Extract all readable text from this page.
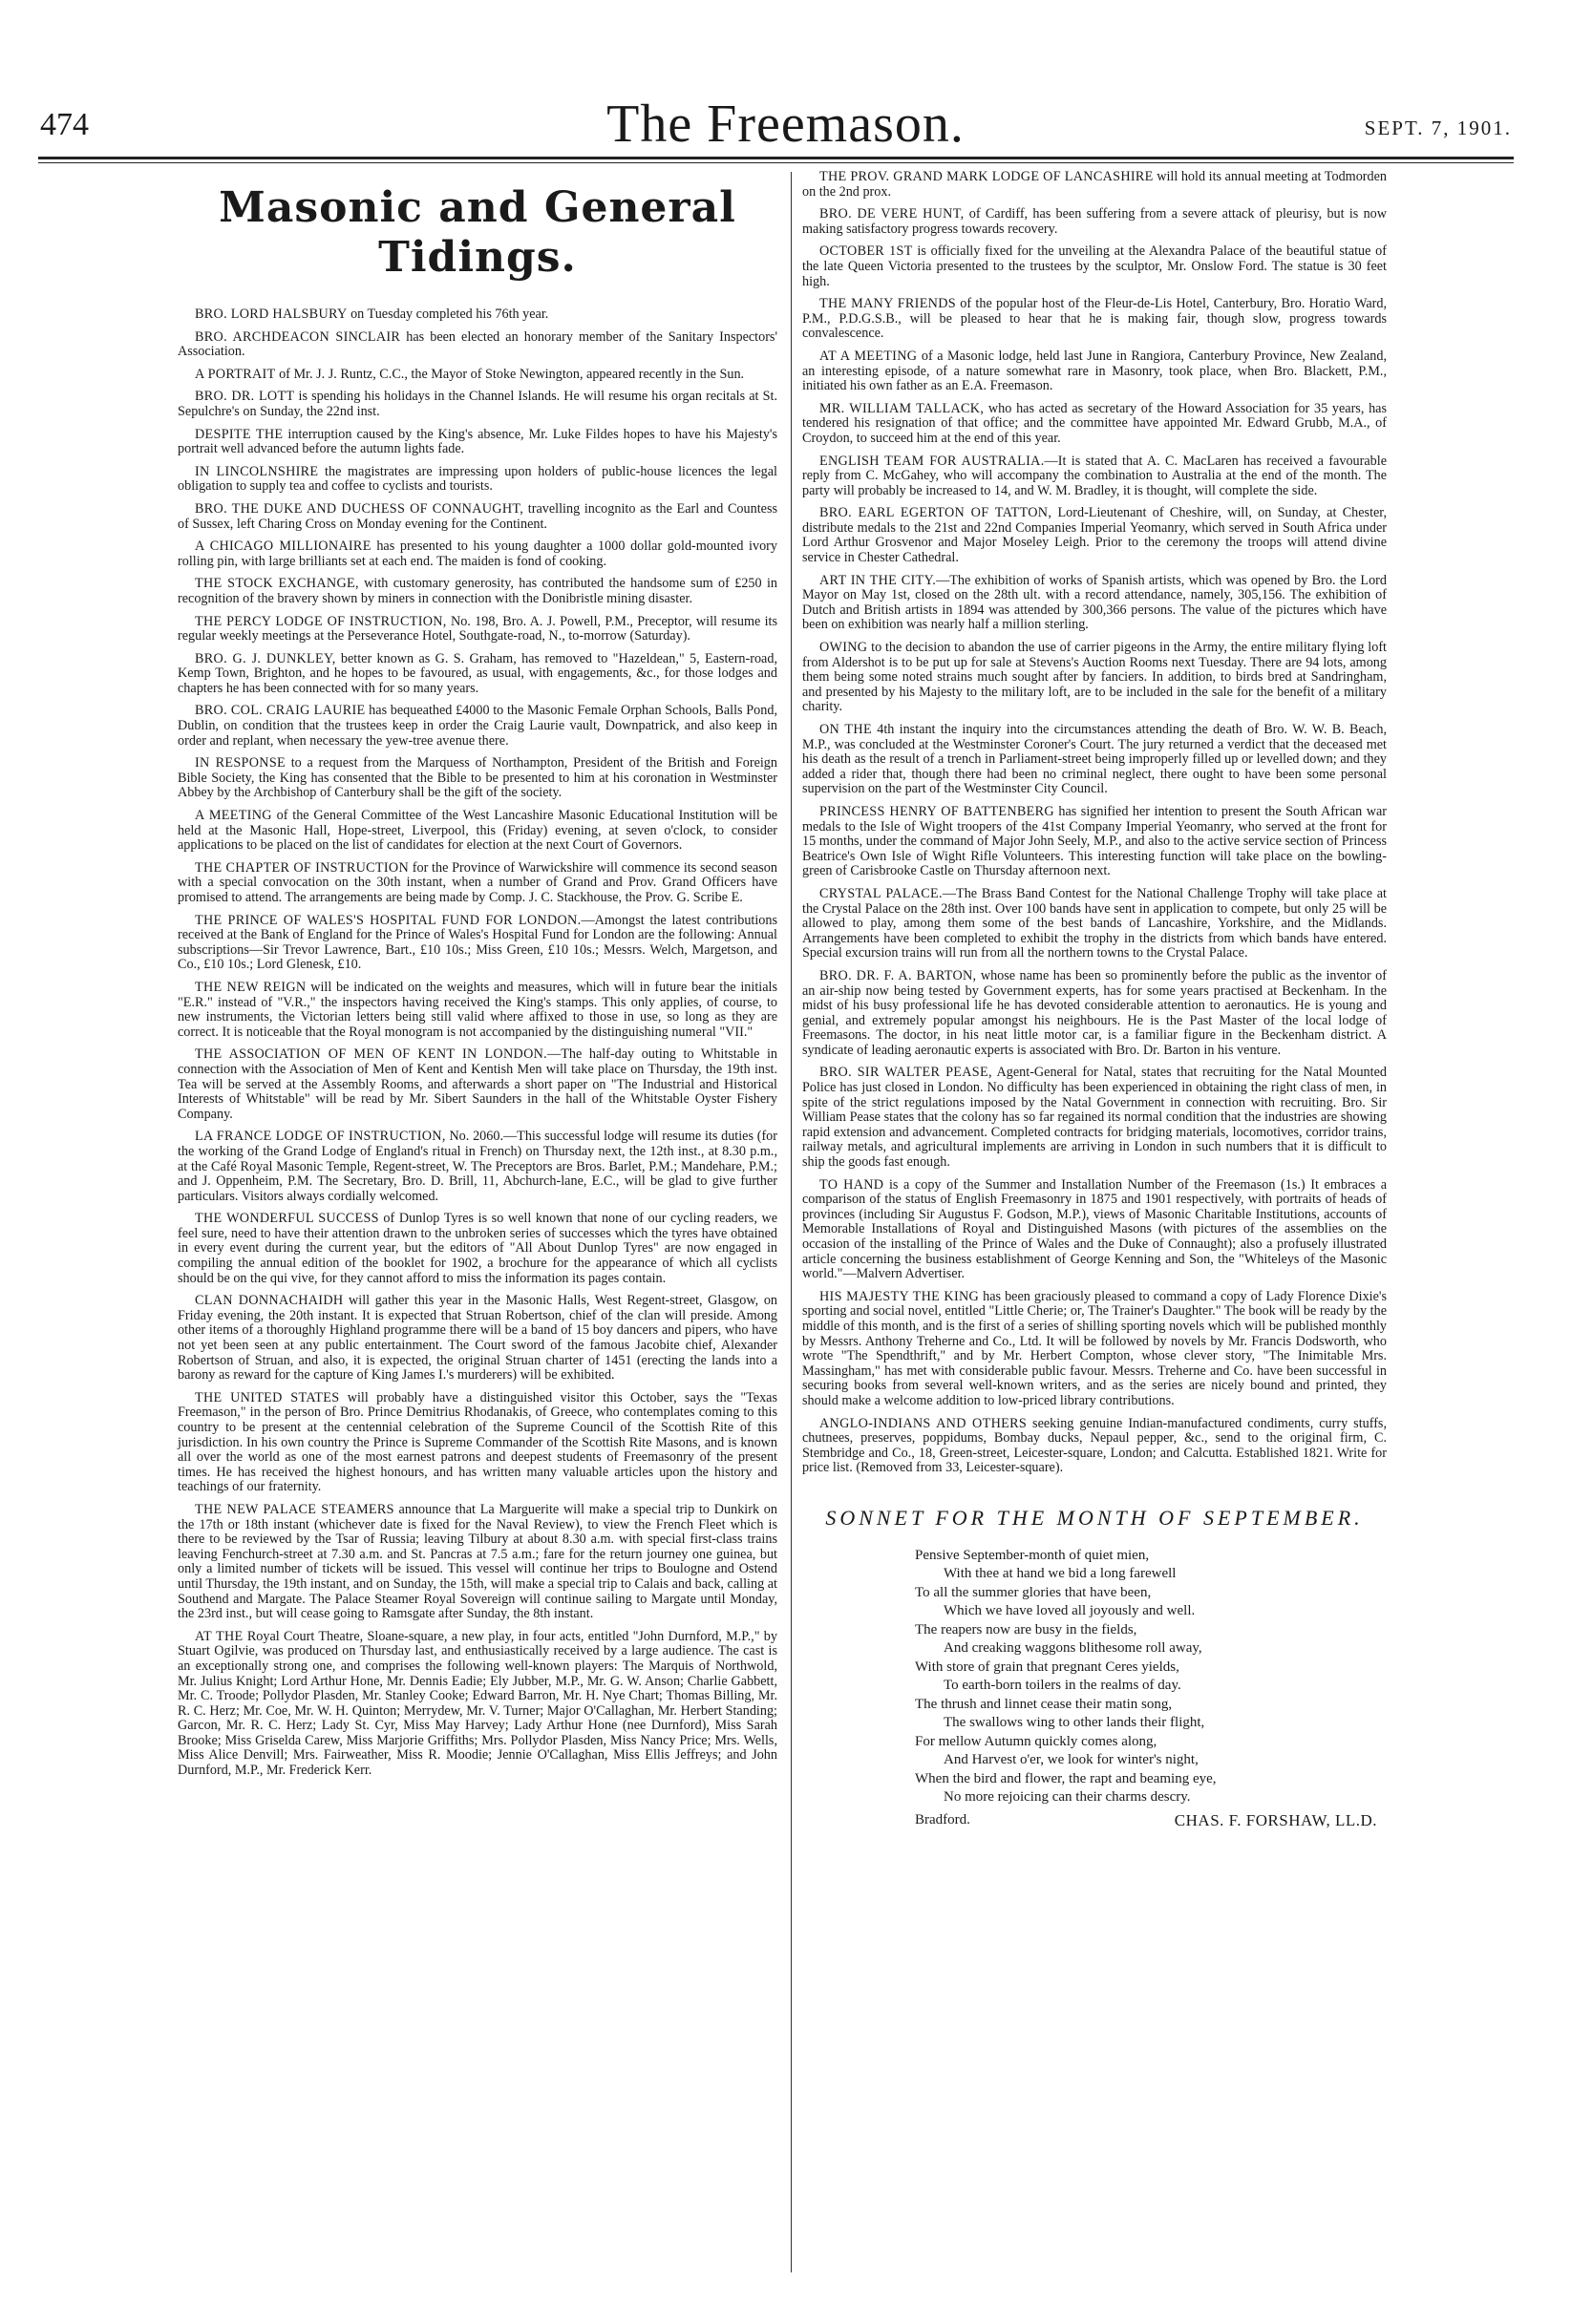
474	The Freemason.	SEPT. 7, 1901.
Masonic and General Tidings.

BRO. LORD HALSBURY on Tuesday completed his 76th year.

BRO. ARCHDEACON SINCLAIR has been elected an honorary member of the Sanitary Inspectors' Association.

A PORTRAIT of Mr. J. J. Runtz, C.C., the Mayor of Stoke Newington, appeared recently in the Sun.

BRO. DR. LOTT is spending his holidays in the Channel Islands. He will resume his organ recitals at St. Sepulchre's on Sunday, the 22nd inst.

DESPITE THE interruption caused by the King's absence, Mr. Luke Fildes hopes to have his Majesty's portrait well advanced before the autumn lights fade.

IN LINCOLNSHIRE the magistrates are impressing upon holders of public-house licences the legal obligation to supply tea and coffee to cyclists and tourists.

BRO. THE DUKE AND DUCHESS OF CONNAUGHT, travelling incognito as the Earl and Countess of Sussex, left Charing Cross on Monday evening for the Continent.

A CHICAGO MILLIONAIRE has presented to his young daughter a 1000 dollar gold-mounted ivory rolling pin, with large brilliants set at each end. The maiden is fond of cooking.

THE STOCK EXCHANGE, with customary generosity, has contributed the handsome sum of £250 in recognition of the bravery shown by miners in connection with the Donibristle mining disaster.

THE PERCY LODGE OF INSTRUCTION, No. 198, Bro. A. J. Powell, P.M., Preceptor, will resume its regular weekly meetings at the Perseverance Hotel, Southgate-road, N., to-morrow (Saturday).

BRO. G. J. DUNKLEY, better known as G. S. Graham, has removed to "Hazeldean," 5, Eastern-road, Kemp Town, Brighton, and he hopes to be favoured, as usual, with engagements, &c., for those lodges and chapters he has been connected with for so many years.

BRO. COL. CRAIG LAURIE has bequeathed £4000 to the Masonic Female Orphan Schools, Balls Pond, Dublin, on condition that the trustees keep in order the Craig Laurie vault, Downpatrick, and also keep in order and replant, when necessary the yew-tree avenue there.

IN RESPONSE to a request from the Marquess of Northampton, President of the British and Foreign Bible Society, the King has consented that the Bible to be presented to him at his coronation in Westminster Abbey by the Archbishop of Canterbury shall be the gift of the society.

A MEETING of the General Committee of the West Lancashire Masonic Educational Institution will be held at the Masonic Hall, Hope-street, Liverpool, this (Friday) evening, at seven o'clock, to consider applications to be placed on the list of candidates for election at the next Court of Governors.

THE CHAPTER OF INSTRUCTION for the Province of Warwickshire will commence its second season with a special convocation on the 30th instant, when a number of Grand and Prov. Grand Officers have promised to attend. The arrangements are being made by Comp. J. C. Stackhouse, the Prov. G. Scribe E.

THE PRINCE OF WALES'S HOSPITAL FUND FOR LONDON.—Amongst the latest contributions received at the Bank of England for the Prince of Wales's Hospital Fund for London are the following: Annual subscriptions—Sir Trevor Lawrence, Bart., £10 10s.; Miss Green, £10 10s.; Messrs. Welch, Margetson, and Co., £10 10s.; Lord Glenesk, £10.

THE NEW REIGN will be indicated on the weights and measures, which will in future bear the initials "E.R." instead of "V.R.," the inspectors having received the King's stamps. This only applies, of course, to new instruments, the Victorian letters being still valid where affixed to those in use, so long as they are correct. It is noticeable that the Royal monogram is not accompanied by the distinguishing numeral "VII."

THE ASSOCIATION OF MEN OF KENT IN LONDON.—The half-day outing to Whitstable in connection with the Association of Men of Kent and Kentish Men will take place on Thursday, the 19th inst. Tea will be served at the Assembly Rooms, and afterwards a short paper on "The Industrial and Historical Interests of Whitstable" will be read by Mr. Sibert Saunders in the hall of the Whitstable Oyster Fishery Company.

LA FRANCE LODGE OF INSTRUCTION, No. 2060.—This successful lodge will resume its duties (for the working of the Grand Lodge of England's ritual in French) on Thursday next, the 12th inst., at 8.30 p.m., at the Café Royal Masonic Temple, Regent-street, W. The Preceptors are Bros. Barlet, P.M.; Mandehare, P.M.; and J. Oppenheim, P.M. The Secretary, Bro. D. Brill, 11, Abchurch-lane, E.C., will be glad to give further particulars. Visitors always cordially welcomed.

THE WONDERFUL SUCCESS of Dunlop Tyres is so well known that none of our cycling readers, we feel sure, need to have their attention drawn to the unbroken series of successes which the tyres have obtained in every event during the current year, but the editors of "All About Dunlop Tyres" are now engaged in compiling the annual edition of the booklet for 1902, a brochure for the appearance of which all cyclists should be on the qui vive, for they cannot afford to miss the information its pages contain.

CLAN DONNACHAIDH will gather this year in the Masonic Halls, West Regent-street, Glasgow, on Friday evening, the 20th instant. It is expected that Struan Robertson, chief of the clan will preside. Among other items of a thoroughly Highland programme there will be a band of 15 boy dancers and pipers, who have not yet been seen at any public entertainment. The Court sword of the famous Jacobite chief, Alexander Robertson of Struan, and also, it is expected, the original Struan charter of 1451 (erecting the lands into a barony as reward for the capture of King James I.'s murderers) will be exhibited.

THE UNITED STATES will probably have a distinguished visitor this October, says the "Texas Freemason," in the person of Bro. Prince Demitrius Rhodanakis, of Greece, who contemplates coming to this country to be present at the centennial celebration of the Supreme Council of the Scottish Rite of this jurisdiction. In his own country the Prince is Supreme Commander of the Scottish Rite Masons, and is known all over the world as one of the most earnest patrons and deepest students of Freemasonry of the present times. He has received the highest honours, and has written many valuable articles upon the history and teachings of our fraternity.

THE NEW PALACE STEAMERS announce that La Marguerite will make a special trip to Dunkirk on the 17th or 18th instant (whichever date is fixed for the Naval Review), to view the French Fleet which is there to be reviewed by the Tsar of Russia; leaving Tilbury at about 8.30 a.m. with special first-class trains leaving Fenchurch-street at 7.30 a.m. and St. Pancras at 7.5 a.m.; fare for the return journey one guinea, but only a limited number of tickets will be issued. This vessel will continue her trips to Boulogne and Ostend until Thursday, the 19th instant, and on Sunday, the 15th, will make a special trip to Calais and back, calling at Southend and Margate. The Palace Steamer Royal Sovereign will continue sailing to Margate until Monday, the 23rd inst., but will cease going to Ramsgate after Sunday, the 8th instant.

AT THE Royal Court Theatre, Sloane-square, a new play, in four acts, entitled "John Durnford, M.P.," by Stuart Ogilvie, was produced on Thursday last, and enthusiastically received by a large audience. The cast is an exceptionally strong one, and comprises the following well-known players: The Marquis of Northwold, Mr. Julius Knight; Lord Arthur Hone, Mr. Dennis Eadie; Ely Jubber, M.P., Mr. G. W. Anson; Charlie Gabbett, Mr. C. Troode; Pollydor Plasden, Mr. Stanley Cooke; Edward Barron, Mr. H. Nye Chart; Thomas Billing, Mr. R. C. Herz; Mr. Coe, Mr. W. H. Quinton; Merrydew, Mr. V. Turner; Major O'Callaghan, Mr. Herbert Standing; Garcon, Mr. R. C. Herz; Lady St. Cyr, Miss May Harvey; Lady Arthur Hone (nee Durnford), Miss Sarah Brooke; Miss Griselda Carew, Miss Marjorie Griffiths; Mrs. Pollydor Plasden, Miss Nancy Price; Mrs. Wells, Miss Alice Denvill; Mrs. Fairweather, Miss R. Moodie; Jennie O'Callaghan, Miss Ellis Jeffreys; and John Durnford, M.P., Mr. Frederick Kerr.

THE PROV. GRAND MARK LODGE OF LANCASHIRE will hold its annual meeting at Todmorden on the 2nd prox.

BRO. DE VERE HUNT, of Cardiff, has been suffering from a severe attack of pleurisy, but is now making satisfactory progress towards recovery.

OCTOBER 1ST is officially fixed for the unveiling at the Alexandra Palace of the beautiful statue of the late Queen Victoria presented to the trustees by the sculptor, Mr. Onslow Ford. The statue is 30 feet high.

THE MANY FRIENDS of the popular host of the Fleur-de-Lis Hotel, Canterbury, Bro. Horatio Ward, P.M., P.D.G.S.B., will be pleased to hear that he is making fair, though slow, progress towards convalescence.

AT A MEETING of a Masonic lodge, held last June in Rangiora, Canterbury Province, New Zealand, an interesting episode, of a nature somewhat rare in Masonry, took place, when Bro. Blackett, P.M., initiated his own father as an E.A. Freemason.

MR. WILLIAM TALLACK, who has acted as secretary of the Howard Association for 35 years, has tendered his resignation of that office; and the committee have appointed Mr. Edward Grubb, M.A., of Croydon, to succeed him at the end of this year.

ENGLISH TEAM FOR AUSTRALIA.—It is stated that A. C. MacLaren has received a favourable reply from C. McGahey, who will accompany the combination to Australia at the end of the month. The party will probably be increased to 14, and W. M. Bradley, it is thought, will complete the side.

BRO. EARL EGERTON OF TATTON, Lord-Lieutenant of Cheshire, will, on Sunday, at Chester, distribute medals to the 21st and 22nd Companies Imperial Yeomanry, which served in South Africa under Lord Arthur Grosvenor and Major Moseley Leigh. Prior to the ceremony the troops will attend divine service in Chester Cathedral.

ART IN THE CITY.—The exhibition of works of Spanish artists, which was opened by Bro. the Lord Mayor on May 1st, closed on the 28th ult. with a record attendance, namely, 305,156. The exhibition of Dutch and British artists in 1894 was attended by 300,366 persons. The value of the pictures which have been on exhibition was nearly half a million sterling.

OWING to the decision to abandon the use of carrier pigeons in the Army, the entire military flying loft from Aldershot is to be put up for sale at Stevens's Auction Rooms next Tuesday. There are 94 lots, among them being some noted strains much sought after by fanciers. In addition, to birds bred at Sandringham, and presented by his Majesty to the military loft, are to be included in the sale for the benefit of a military charity.

ON THE 4th instant the inquiry into the circumstances attending the death of Bro. W. W. B. Beach, M.P., was concluded at the Westminster Coroner's Court. The jury returned a verdict that the deceased met his death as the result of a trench in Parliament-street being improperly filled up or levelled down; and they added a rider that, though there had been no criminal neglect, there ought to have been some personal supervision on the part of the Westminster City Council.

PRINCESS HENRY OF BATTENBERG has signified her intention to present the South African war medals to the Isle of Wight troopers of the 41st Company Imperial Yeomanry, who served at the front for 15 months, under the command of Major John Seely, M.P., and also to the active service section of Princess Beatrice's Own Isle of Wight Rifle Volunteers. This interesting function will take place on the bowling-green of Carisbrooke Castle on Thursday afternoon next.

CRYSTAL PALACE.—The Brass Band Contest for the National Challenge Trophy will take place at the Crystal Palace on the 28th inst. Over 100 bands have sent in application to compete, but only 25 will be allowed to play, among them some of the best bands of Lancashire, Yorkshire, and the Midlands. Arrangements have been completed to exhibit the trophy in the districts from which bands have entered. Special excursion trains will run from all the northern towns to the Crystal Palace.

BRO. DR. F. A. BARTON, whose name has been so prominently before the public as the inventor of an air-ship now being tested by Government experts, has for some years practised at Beckenham. In the midst of his busy professional life he has devoted considerable attention to aeronautics. He is young and genial, and extremely popular amongst his neighbours. He is the Past Master of the local lodge of Freemasons. The doctor, in his neat little motor car, is a familiar figure in the Beckenham district. A syndicate of leading aeronautic experts is associated with Bro. Dr. Barton in his venture.

BRO. SIR WALTER PEASE, Agent-General for Natal, states that recruiting for the Natal Mounted Police has just closed in London. No difficulty has been experienced in obtaining the right class of men, in spite of the strict regulations imposed by the Natal Government in connection with recruiting. Bro. Sir William Pease states that the colony has so far regained its normal condition that the industries are showing rapid extension and advancement. Completed contracts for bridging materials, locomotives, corridor trains, railway metals, and agricultural implements are arriving in London in such numbers that it is difficult to ship the goods fast enough.

TO HAND is a copy of the Summer and Installation Number of the Freemason (1s.) It embraces a comparison of the status of English Freemasonry in 1875 and 1901 respectively, with portraits of heads of provinces (including Sir Augustus F. Godson, M.P.), views of Masonic Charitable Institutions, accounts of Memorable Installations of Royal and Distinguished Masons (with pictures of the assemblies on the occasion of the installing of the Prince of Wales and the Duke of Connaught); also a profusely illustrated article concerning the business establishment of George Kenning and Son, the "Whiteleys of the Masonic world."—Malvern Advertiser.

HIS MAJESTY THE KING has been graciously pleased to command a copy of Lady Florence Dixie's sporting and social novel, entitled "Little Cherie; or, The Trainer's Daughter." The book will be ready by the middle of this month, and is the first of a series of shilling sporting novels which will be published monthly by Messrs. Anthony Treherne and Co., Ltd. It will be followed by novels by Mr. Francis Dodsworth, who wrote "The Spendthrift," and by Mr. Herbert Compton, whose clever story, "The Inimitable Mrs. Massingham," has met with considerable public favour. Messrs. Treherne and Co. have been successful in securing books from several well-known writers, and as the series are nicely bound and printed, they should make a welcome addition to low-priced library contributions.

ANGLO-INDIANS AND OTHERS seeking genuine Indian-manufactured condiments, curry stuffs, chutnees, preserves, poppidums, Bombay ducks, Nepaul pepper, &c., send to the original firm, C. Stembridge and Co., 18, Green-street, Leicester-square, London; and Calcutta. Established 1821. Write for price list. (Removed from 33, Leicester-square).

SONNET FOR THE MONTH OF SEPTEMBER.
Pensive September-month of quiet mien,
With thee at hand we bid a long farewell
To all the summer glories that have been,
Which we have loved all joyously and well.
The reapers now are busy in the fields,
And creaking waggons blithesome roll away,
With store of grain that pregnant Ceres yields,
To earth-born toilers in the realms of day.
The thrush and linnet cease their matin song,
The swallows wing to other lands their flight,
For mellow Autumn quickly comes along,
And Harvest o'er, we look for winter's night,
When the bird and flower, the rapt and beaming eye,
No more rejoicing can their charms descry.
Bradford.	CHAS. F. FORSHAW, LL.D.
